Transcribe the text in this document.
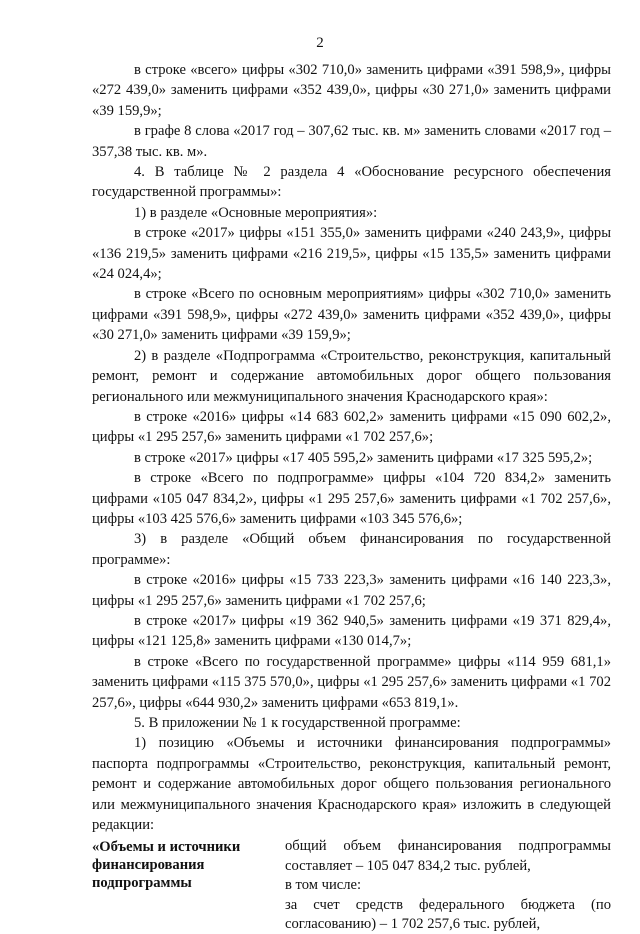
2

в строке «всего» цифры «302 710,0» заменить цифрами «391 598,9», цифры «272 439,0» заменить цифрами «352 439,0», цифры «30 271,0» заменить цифрами «39 159,9»;

в графе 8 слова «2017 год – 307,62 тыс. кв. м» заменить словами «2017 год – 357,38 тыс. кв. м».

4. В таблице № 2 раздела 4 «Обоснование ресурсного обеспечения государственной программы»:

1) в разделе «Основные мероприятия»:

в строке «2017» цифры «151 355,0» заменить цифрами «240 243,9», цифры «136 219,5» заменить цифрами «216 219,5», цифры «15 135,5» заменить цифрами «24 024,4»;

в строке «Всего по основным мероприятиям» цифры «302 710,0» заменить цифрами «391 598,9», цифры «272 439,0» заменить цифрами «352 439,0», цифры «30 271,0» заменить цифрами «39 159,9»;

2) в разделе «Подпрограмма «Строительство, реконструкция, капитальный ремонт, ремонт и содержание автомобильных дорог общего пользования регионального или межмуниципального значения Краснодарского края»:

в строке «2016» цифры «14 683 602,2» заменить цифрами «15 090 602,2», цифры «1 295 257,6» заменить цифрами «1 702 257,6»;

в строке «2017» цифры «17 405 595,2» заменить цифрами «17 325 595,2»;

в строке «Всего по подпрограмме» цифры «104 720 834,2» заменить цифрами «105 047 834,2», цифры «1 295 257,6» заменить цифрами «1 702 257,6», цифры «103 425 576,6» заменить цифрами «103 345 576,6»;

3) в разделе «Общий объем финансирования по государственной программе»:

в строке «2016» цифры «15 733 223,3» заменить цифрами «16 140 223,3», цифры «1 295 257,6» заменить цифрами «1 702 257,6;

в строке «2017» цифры «19 362 940,5» заменить цифрами «19 371 829,4», цифры «121 125,8» заменить цифрами «130 014,7»;

в строке «Всего по государственной программе» цифры «114 959 681,1» заменить цифрами «115 375 570,0», цифры «1 295 257,6» заменить цифрами «1 702 257,6», цифры «644 930,2» заменить цифрами «653 819,1».

5. В приложении № 1 к государственной программе:

1) позицию «Объемы и источники финансирования подпрограммы» паспорта подпрограммы «Строительство, реконструкция, капитальный ремонт, ремонт и содержание автомобильных дорог общего пользования регионального или межмуниципального значения Краснодарского края» изложить в следующей редакции:

«Объемы и источники финансирования подпрограммы

общий объем финансирования подпрограммы составляет – 105 047 834,2 тыс. рублей,

в том числе:

за счет средств федерального бюджета (по согласованию) – 1 702 257,6 тыс. рублей,
